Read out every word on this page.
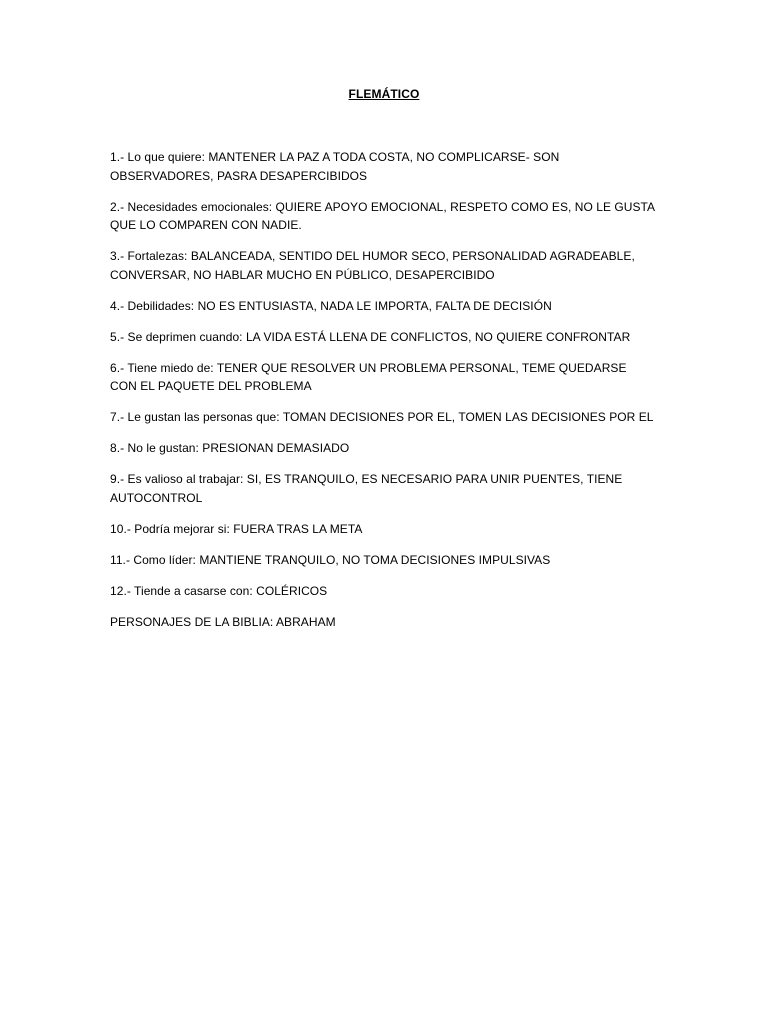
FLEMÁTICO

1.- Lo que quiere: MANTENER LA PAZ A TODA COSTA, NO COMPLICARSE- SON OBSERVADORES, PASRA DESAPERCIBIDOS

2.- Necesidades emocionales: QUIERE APOYO EMOCIONAL, RESPETO COMO ES, NO LE GUSTA QUE LO COMPAREN CON NADIE.

3.- Fortalezas: BALANCEADA, SENTIDO DEL HUMOR SECO, PERSONALIDAD AGRADEABLE, CONVERSAR, NO HABLAR MUCHO EN PÚBLICO, DESAPERCIBIDO

4.- Debilidades: NO ES ENTUSIASTA, NADA LE IMPORTA, FALTA DE DECISIÓN

5.- Se deprimen cuando: LA VIDA ESTÁ LLENA DE CONFLICTOS, NO QUIERE CONFRONTAR

6.- Tiene miedo de: TENER QUE RESOLVER UN PROBLEMA PERSONAL, TEME QUEDARSE CON EL PAQUETE DEL PROBLEMA

7.- Le gustan las personas que: TOMAN DECISIONES POR EL, TOMEN LAS DECISIONES POR EL

8.- No le gustan: PRESIONAN DEMASIADO

9.- Es valioso al trabajar: SI, ES TRANQUILO, ES NECESARIO PARA UNIR PUENTES, TIENE AUTOCONTROL

10.- Podría mejorar si: FUERA TRAS LA META

11.- Como líder: MANTIENE TRANQUILO, NO TOMA DECISIONES IMPULSIVAS

12.- Tiende a casarse con: COLÉRICOS

PERSONAJES DE LA BIBLIA: ABRAHAM
